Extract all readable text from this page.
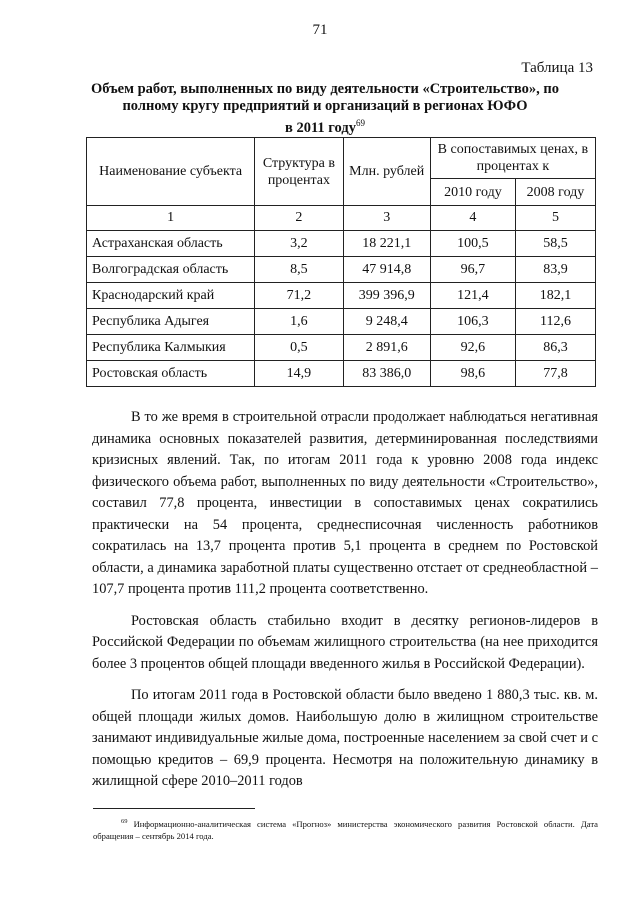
71
Таблица 13
Объем работ, выполненных по виду деятельности «Строительство», по
полному кругу предприятий и организаций в регионах ЮФО
в 2011 году$^{69}$
Наименование субъекта	Структура в процентах	Млн. рублей	В сопоставимых ценах, в процентах к	
			2010 году	2008 году
1	2	3	4	5
Астраханская область	3,2	18 221,1	100,5	58,5
Волгоградская область	8,5	47 914,8	96,7	83,9
Краснодарский край	71,2	399 396,9	121,4	182,1
Республика Адыгея	1,6	9 248,4	106,3	112,6
Республика Калмыкия	0,5	2 891,6	92,6	86,3
Ростовская область	14,9	83 386,0	98,6	77,8

В то же время в строительной отрасли продолжает наблюдаться негативная динамика основных показателей развития, детерминированная последствиями кризисных явлений. Так, по итогам 2011 года к уровню 2008 года индекс физического объема работ, выполненных по виду деятельности «Строительство», составил 77,8 процента, инвестиции в сопоставимых ценах сократились практически на 54 процента, среднесписочная численность работников сократилась на 13,7 процента против 5,1 процента в среднем по Ростовской области, а динамика заработной платы существенно отстает от среднеобластной – 107,7 процента против 111,2 процента соответственно.

Ростовская область стабильно входит в десятку регионов-лидеров в Российской Федерации по объемам жилищного строительства (на нее приходится более 3 процентов общей площади введенного жилья в Российской Федерации).

По итогам 2011 года в Ростовской области было введено 1 880,3 тыс. кв. м. общей площади жилых домов. Наибольшую долю в жилищном строительстве занимают индивидуальные жилые дома, построенные населением за свой счет и с помощью кредитов – 69,9 процента. Несмотря на положительную динамику в жилищной сфере 2010–2011 годов

$^{69}$ Информационно-аналитическая система «Прогноз» министерства экономического развития Ростовской области. Дата обращения – сентябрь 2014 года.
